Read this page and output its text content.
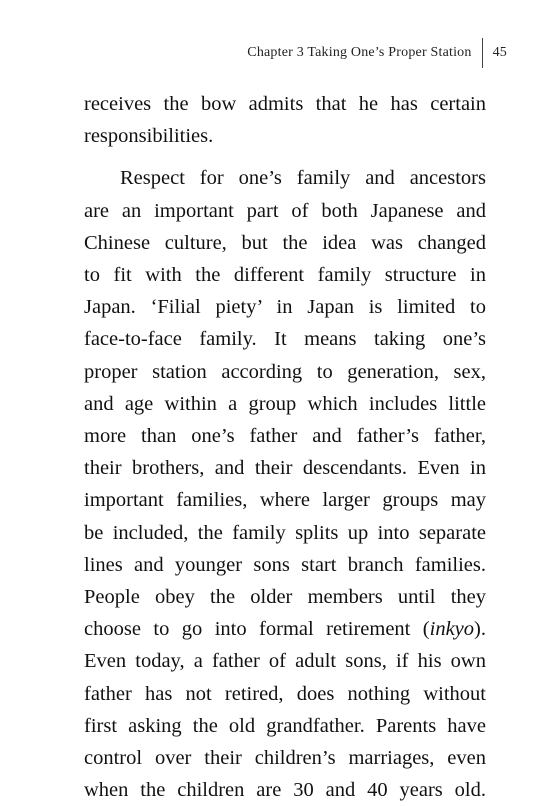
Chapter 3 Taking One’s Proper Station	45

receives the bow admits that he has certain
responsibilities.

Respect for one’s family and ancestors
are an important part of both Japanese and
Chinese culture, but the idea was changed
to fit with the different family structure in
Japan. ‘Filial piety’ in Japan is limited to
face-to-face family. It means taking one’s
proper station according to generation, sex,
and age within a group which includes little
more than one’s father and father’s father,
their brothers, and their descendants. Even in
important families, where larger groups may
be included, the family splits up into separate
lines and younger sons start branch families.
People obey the older members until they
choose to go into formal retirement (inkyo).
Even today, a father of adult sons, if his own
father has not retired, does nothing without
first asking the old grandfather. Parents have
control over their children’s marriages, even
when the children are 30 and 40 years old.
